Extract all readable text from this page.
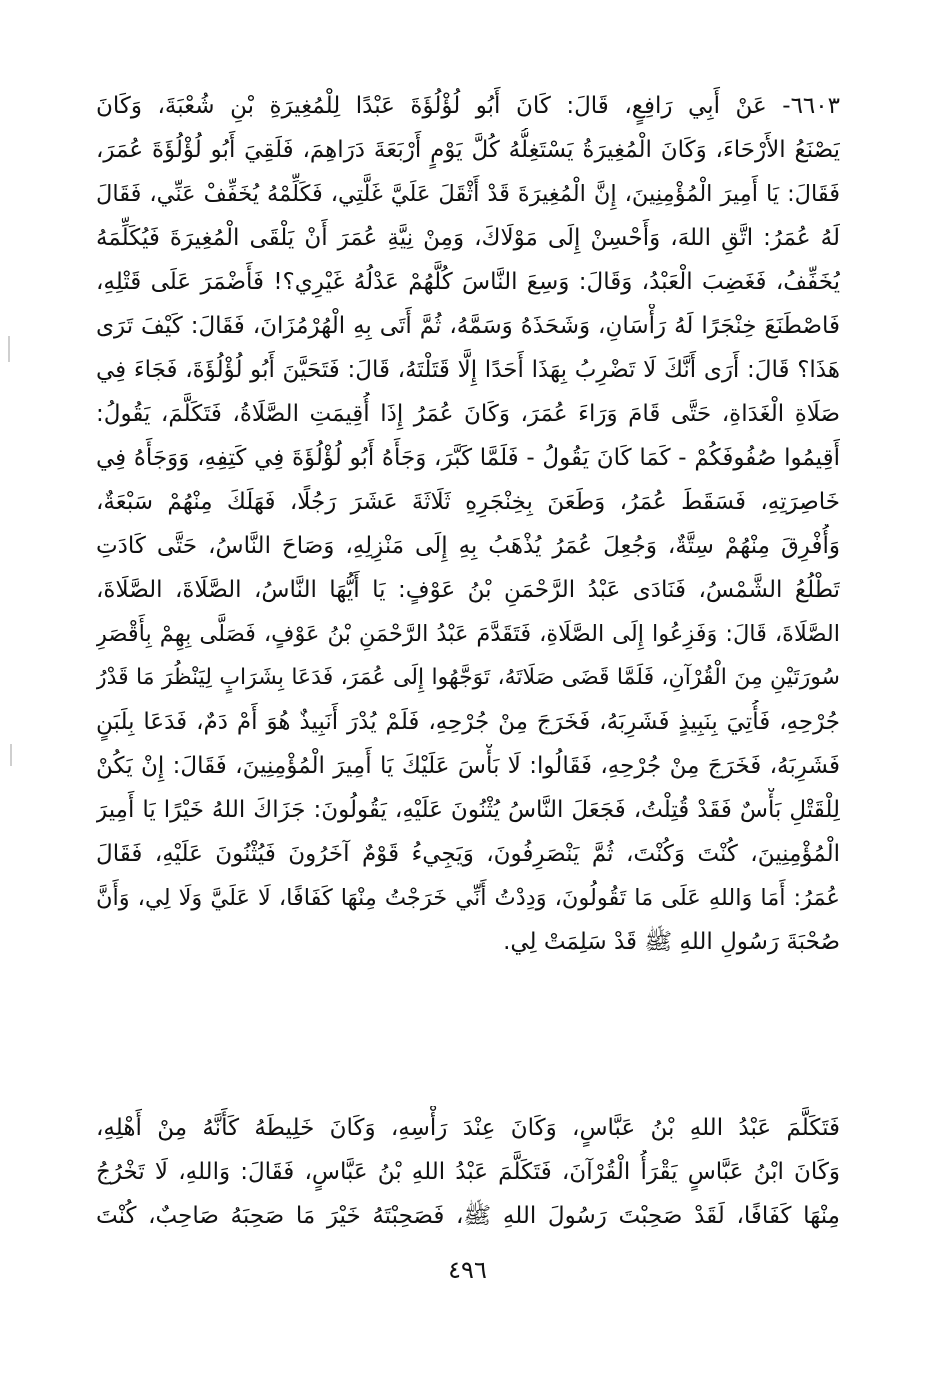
٦٦٠٣- عَنْ أَبِي رَافِعٍ، قَالَ: كَانَ أَبُو لُؤْلُؤَةَ عَبْدًا لِلْمُغِيرَةِ بْنِ شُعْبَةَ، وَكَانَ
يَصْنَعُ الأَرْحَاءَ، وَكَانَ الْمُغِيرَةُ يَسْتَغِلُّهُ كُلَّ يَوْمٍ أَرْبَعَةَ دَرَاهِمَ، فَلَقِيَ أَبُو لُؤْلُؤَةَ عُمَرَ،
فَقَالَ: يَا أَمِيرَ الْمُؤْمِنِينَ، إِنَّ الْمُغِيرَةَ قَدْ أَثْقَلَ عَلَيَّ غَلَّتِي، فَكَلِّمْهُ يُخَفِّفْ عَنِّي، فَقَالَ
لَهُ عُمَرُ: اتَّقِ اللهَ، وَأَحْسِنْ إِلَى مَوْلَاكَ، وَمِنْ نِيَّةِ عُمَرَ أَنْ يَلْقَى الْمُغِيرَةَ فَيُكَلِّمَهُ
يُخَفِّفُ، فَغَضِبَ الْعَبْدُ، وَقَالَ: وَسِعَ النَّاسَ كُلَّهُمْ عَدْلُهُ غَيْرِي؟! فَأَضْمَرَ عَلَى قَتْلِهِ،
فَاصْطَنَعَ خِنْجَرًا لَهُ رَأْسَانِ، وَشَحَذَهُ وَسَمَّهُ، ثُمَّ أَتَى بِهِ الْهُرْمُزَانَ، فَقَالَ: كَيْفَ تَرَى
هَذَا؟ قَالَ: أَرَى أَنَّكَ لَا تَضْرِبُ بِهَذَا أَحَدًا إِلَّا قَتَلْتَهُ، قَالَ: فَتَحَيَّنَ أَبُو لُؤْلُؤَةَ، فَجَاءَ فِي
صَلَاةِ الْغَدَاةِ، حَتَّى قَامَ وَرَاءَ عُمَرَ، وَكَانَ عُمَرُ إِذَا أُقِيمَتِ الصَّلَاةُ، فَتَكَلَّمَ، يَقُولُ:
أَقِيمُوا صُفُوفَكُمْ - كَمَا كَانَ يَقُولُ - فَلَمَّا كَبَّرَ، وَجَأَهُ أَبُو لُؤْلُؤَةَ فِي كَتِفِهِ، وَوَجَأَهُ فِي
خَاصِرَتِهِ، فَسَقَطَ عُمَرُ، وَطَعَنَ بِخِنْجَرِهِ ثَلَاثَةَ عَشَرَ رَجُلًا، فَهَلَكَ مِنْهُمْ سَبْعَةٌ،
وَأُفْرِقَ مِنْهُمْ سِتَّةٌ، وَجُعِلَ عُمَرُ يُذْهَبُ بِهِ إِلَى مَنْزِلِهِ، وَصَاحَ النَّاسُ، حَتَّى كَادَتِ
تَطْلُعُ الشَّمْسُ، فَنَادَى عَبْدُ الرَّحْمَنِ بْنُ عَوْفٍ: يَا أَيُّهَا النَّاسُ، الصَّلَاةَ، الصَّلَاةَ،
الصَّلَاةَ، قَالَ: وَفَزِعُوا إِلَى الصَّلَاةِ، فَتَقَدَّمَ عَبْدُ الرَّحْمَنِ بْنُ عَوْفٍ، فَصَلَّى بِهِمْ بِأَقْصَرِ
سُورَتَيْنِ مِنَ الْقُرْآنِ، فَلَمَّا قَضَى صَلَاتَهُ، تَوَجَّهُوا إِلَى عُمَرَ، فَدَعَا بِشَرَابٍ لِيَنْظُرَ مَا قَدْرُ
جُرْحِهِ، فَأُتِيَ بِنَبِيذٍ فَشَرِبَهُ، فَخَرَجَ مِنْ جُرْحِهِ، فَلَمْ يُدْرَ أَنَبِيذٌ هُوَ أَمْ دَمٌ، فَدَعَا بِلَبَنٍ
فَشَرِبَهُ، فَخَرَجَ مِنْ جُرْحِهِ، فَقَالُوا: لَا بَأْسَ عَلَيْكَ يَا أَمِيرَ الْمُؤْمِنِينَ، فَقَالَ: إِنْ يَكُنْ
لِلْقَتْلِ بَأْسٌ فَقَدْ قُتِلْتُ، فَجَعَلَ النَّاسُ يُثْنُونَ عَلَيْهِ، يَقُولُونَ: جَزَاكَ اللهُ خَيْرًا يَا أَمِيرَ
الْمُؤْمِنِينَ، كُنْتَ وَكُنْتَ، ثُمَّ يَنْصَرِفُونَ، وَيَجِيءُ قَوْمٌ آخَرُونَ فَيُثْنُونَ عَلَيْهِ، فَقَالَ
عُمَرُ: أَمَا وَاللهِ عَلَى مَا تَقُولُونَ، وَدِدْتُ أَنِّي خَرَجْتُ مِنْهَا كَفَافًا، لَا عَلَيَّ وَلَا لِي، وَأَنَّ
صُحْبَةَ رَسُولِ اللهِ ﷺ قَدْ سَلِمَتْ لِي.
فَتَكَلَّمَ عَبْدُ اللهِ بْنُ عَبَّاسٍ، وَكَانَ عِنْدَ رَأْسِهِ، وَكَانَ خَلِيطَهُ كَأَنَّهُ مِنْ أَهْلِهِ،
وَكَانَ ابْنُ عَبَّاسٍ يَقْرَأُ الْقُرْآنَ، فَتَكَلَّمَ عَبْدُ اللهِ بْنُ عَبَّاسٍ، فَقَالَ: وَاللهِ، لَا تَخْرُجُ
مِنْهَا كَفَافًا، لَقَدْ صَحِبْتَ رَسُولَ اللهِ ﷺ، فَصَحِبْتَهُ خَيْرَ مَا صَحِبَهُ صَاحِبٌ، كُنْتَ
٤٩٦
